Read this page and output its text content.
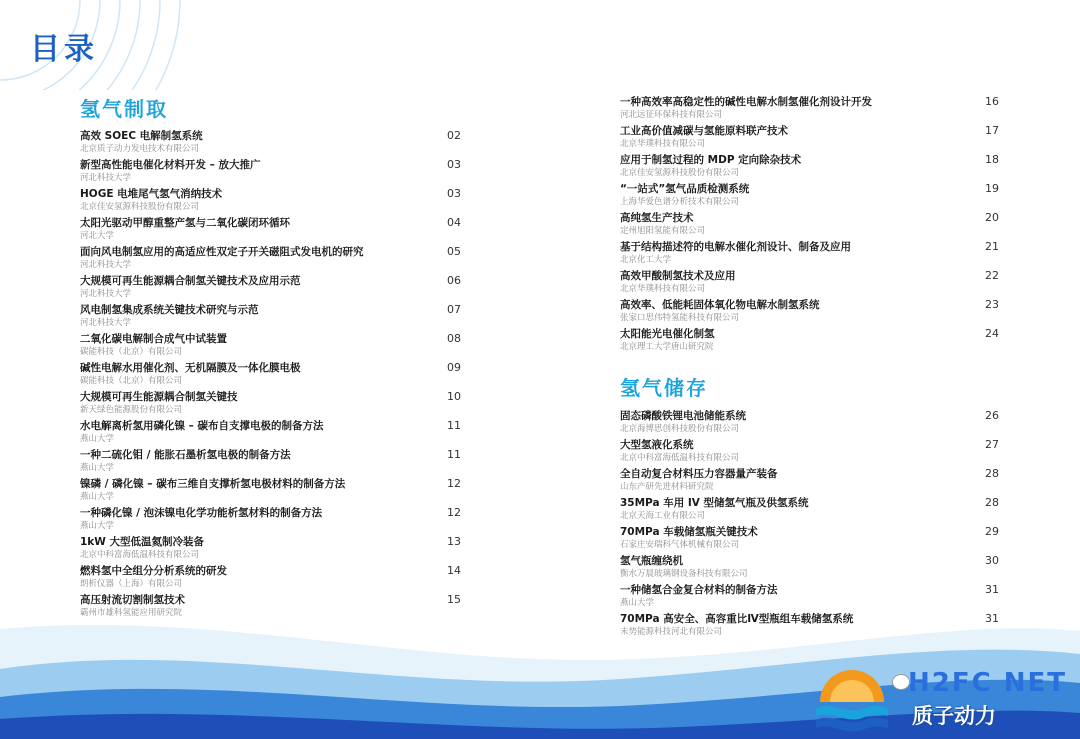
目录
氢气制取
高效 SOEC 电解制氢系统
北京质子动力发电技术有限公司
02
新型高性能电催化材料开发 – 放大推广
河北科技大学
03
HOGE 电堆尾气氢气消纳技术
北京佳安氢源科技股份有限公司
03
太阳光驱动甲醇重整产氢与二氧化碳闭环循环
河北大学
04
面向风电制氢应用的高适应性双定子开关磁阻式发电机的研究
河北科技大学
05
大规模可再生能源耦合制氢关键技术及应用示范
河北科技大学
06
风电制氢集成系统关键技术研究与示范
河北科技大学
07
二氧化碳电解制合成气中试装置
碳能科技（北京）有限公司
08
碱性电解水用催化剂、无机隔膜及一体化膜电极
碳能科技（北京）有限公司
09
大规模可再生能源耦合制氢关键技
新天绿色能源股份有限公司
10
水电解离析氢用磷化镍 – 碳布自支撑电极的制备方法
燕山大学
11
一种二硫化钼 / 能胀石墨析氢电极的制备方法
燕山大学
11
镍磷 / 磷化镍 – 碳布三维自支撑析氢电极材料的制备方法
燕山大学
12
一种磷化镍 / 泡沫镍电化学功能析氢材料的制备方法
燕山大学
12
1kW 大型低温氦制冷装备
北京中科富海低温科技有限公司
13
燃料氢中全组分分析系统的研发
朗析仪器（上海）有限公司
14
高压射流切割制氢技术
霸州市雄科氢能应用研究院
15
一种高效率高稳定性的碱性电解水制氢催化剂设计开发
河北远征环保科技有限公司
16
工业高价值减碳与氢能原料联产技术
北京华璞科技有限公司
17
应用于制氢过程的 MDP 定向除杂技术
北京佳安氢源科技股份有限公司
18
“一站式”氢气品质检测系统
上海华爱色谱分析技术有限公司
19
高纯氢生产技术
定州旭阳氢能有限公司
20
基于结构描述符的电解水催化剂设计、制备及应用
北京化工大学
21
高效甲酸制氢技术及应用
北京华璞科技有限公司
22
高效率、低能耗固体氧化物电解水制氢系统
张家口思伟特氢能科技有限公司
23
太阳能光电催化制氢
北京理工大学唐山研究院
24
氢气储存
固态磷酸铁锂电池储能系统
北京海博思创科技股份有限公司
26
大型氢液化系统
北京中科富海低温科技有限公司
27
全自动复合材料压力容器量产装备
山东产研先进材料研究院
28
35MPa 车用 IV 型储氢气瓶及供氢系统
北京天海工业有限公司
28
70MPa 车载储氢瓶关键技术
石家庄安瑞科气体机械有限公司
29
氢气瓶缠绕机
衡水万晨玻璃钢设备科技有限公司
30
一种储氢合金复合材料的制备方法
燕山大学
31
70MPa 高安全、高容重比Ⅳ型瓶组车载储氢系统
未势能源科技河北有限公司
31
H2FC NET
质子动力
